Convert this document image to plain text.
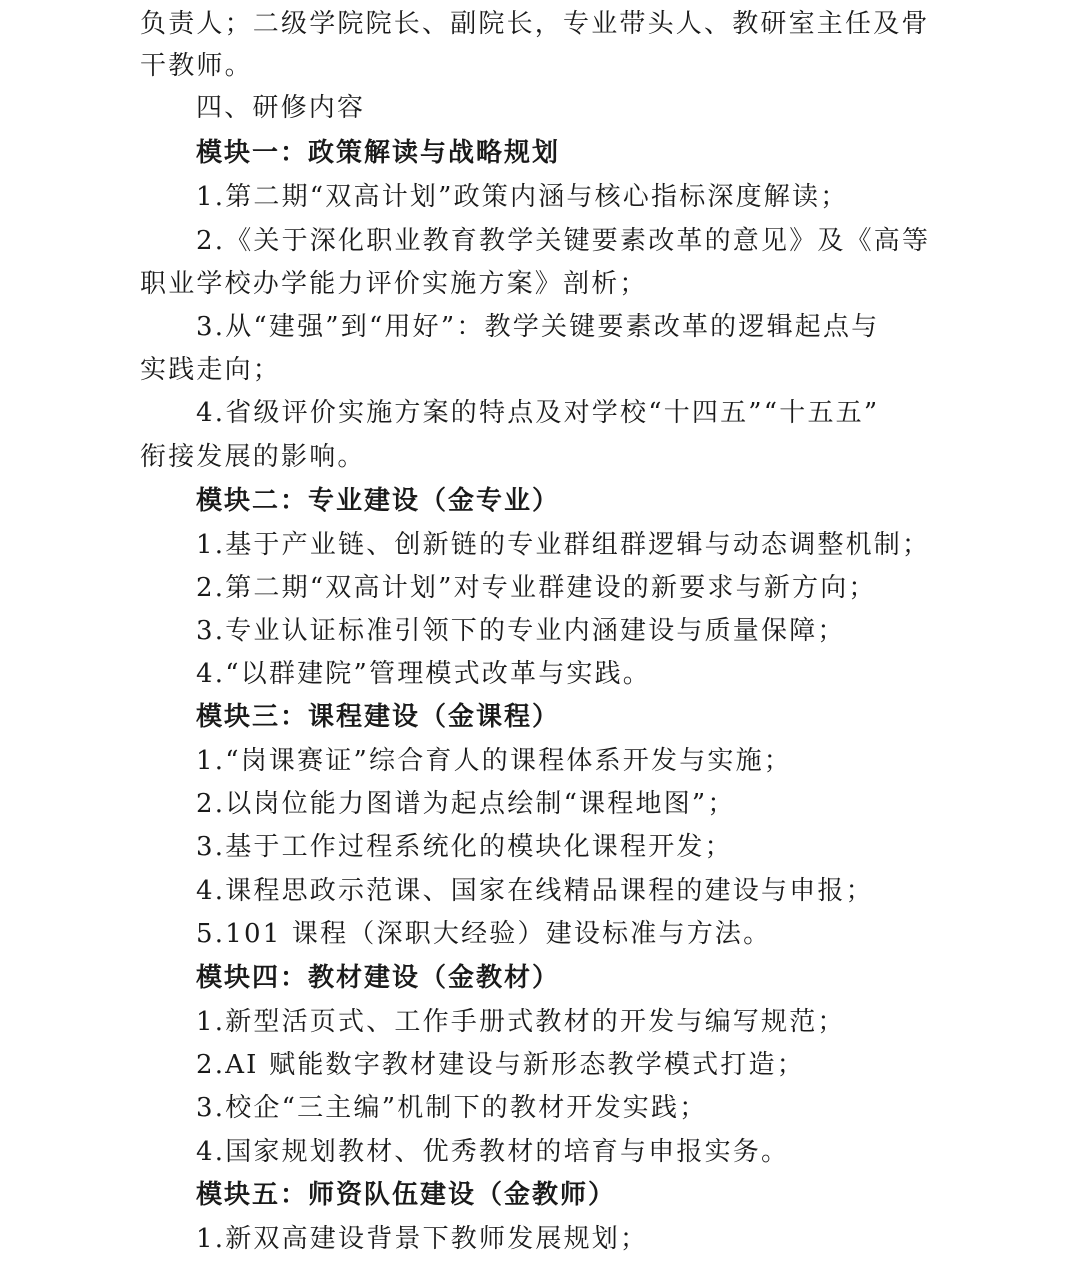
负责人；二级学院院长、副院长，专业带头人、教研室主任及骨
干教师。
四、研修内容
模块一：政策解读与战略规划
1.第二期“双高计划”政策内涵与核心指标深度解读；
2.《关于深化职业教育教学关键要素改革的意见》及《高等
职业学校办学能力评价实施方案》剖析；
3.从“建强”到“用好”：教学关键要素改革的逻辑起点与
实践走向；
4.省级评价实施方案的特点及对学校“十四五”“十五五”
衔接发展的影响。
模块二：专业建设（金专业）
1.基于产业链、创新链的专业群组群逻辑与动态调整机制；
2.第二期“双高计划”对专业群建设的新要求与新方向；
3.专业认证标准引领下的专业内涵建设与质量保障；
4.“以群建院”管理模式改革与实践。
模块三：课程建设（金课程）
1.“岗课赛证”综合育人的课程体系开发与实施；
2.以岗位能力图谱为起点绘制“课程地图”；
3.基于工作过程系统化的模块化课程开发；
4.课程思政示范课、国家在线精品课程的建设与申报；
5.101 课程（深职大经验）建设标准与方法。
模块四：教材建设（金教材）
1.新型活页式、工作手册式教材的开发与编写规范；
2.AI 赋能数字教材建设与新形态教学模式打造；
3.校企“三主编”机制下的教材开发实践；
4.国家规划教材、优秀教材的培育与申报实务。
模块五：师资队伍建设（金教师）
1.新双高建设背景下教师发展规划；
